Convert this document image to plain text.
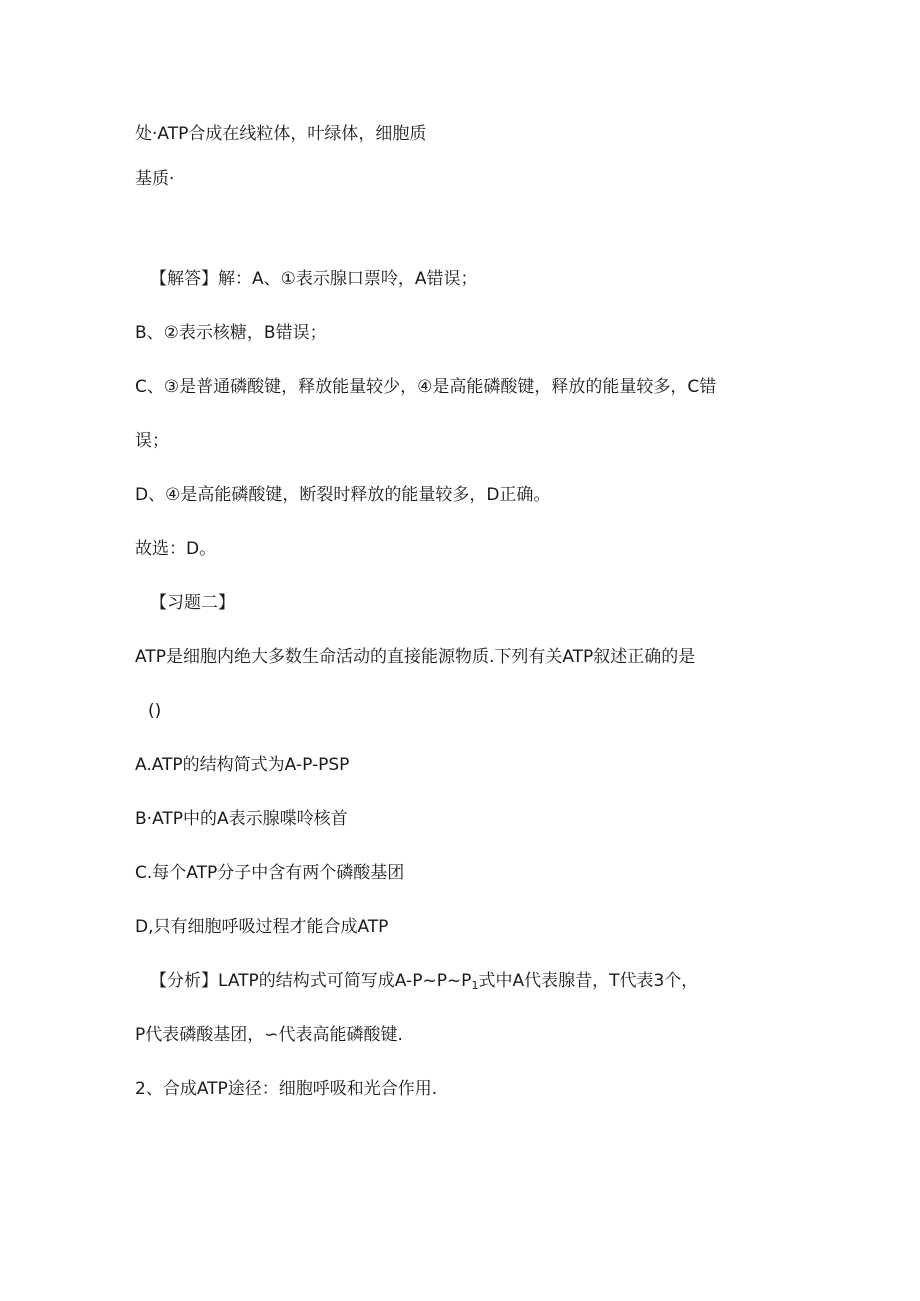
处·ATP合成在线粒体，叶绿体，细胞质

基质·

【解答】解：A、①表示腺口票呤，A错误；

B、②表示核糖，B错误；

C、③是普通磷酸键，释放能量较少，④是高能磷酸键，释放的能量较多，C错

误；

D、④是高能磷酸键，断裂时释放的能量较多，D正确。

故选：D。

【习题二】

ATP是细胞内绝大多数生命活动的直接能源物质.下列有关ATP叙述正确的是

()

A.ATP的结构简式为A-P-PSP

B·ATP中的A表示腺喋呤核首

C.每个ATP分子中含有两个磷酸基团

D,只有细胞呼吸过程才能合成ATP

【分析】LATP的结构式可简写成$A-P\sim P\sim P_1$式中A代表腺昔，T代表3个，

P代表磷酸基团，∽代表高能磷酸键.

2、合成ATP途径：细胞呼吸和光合作用.
